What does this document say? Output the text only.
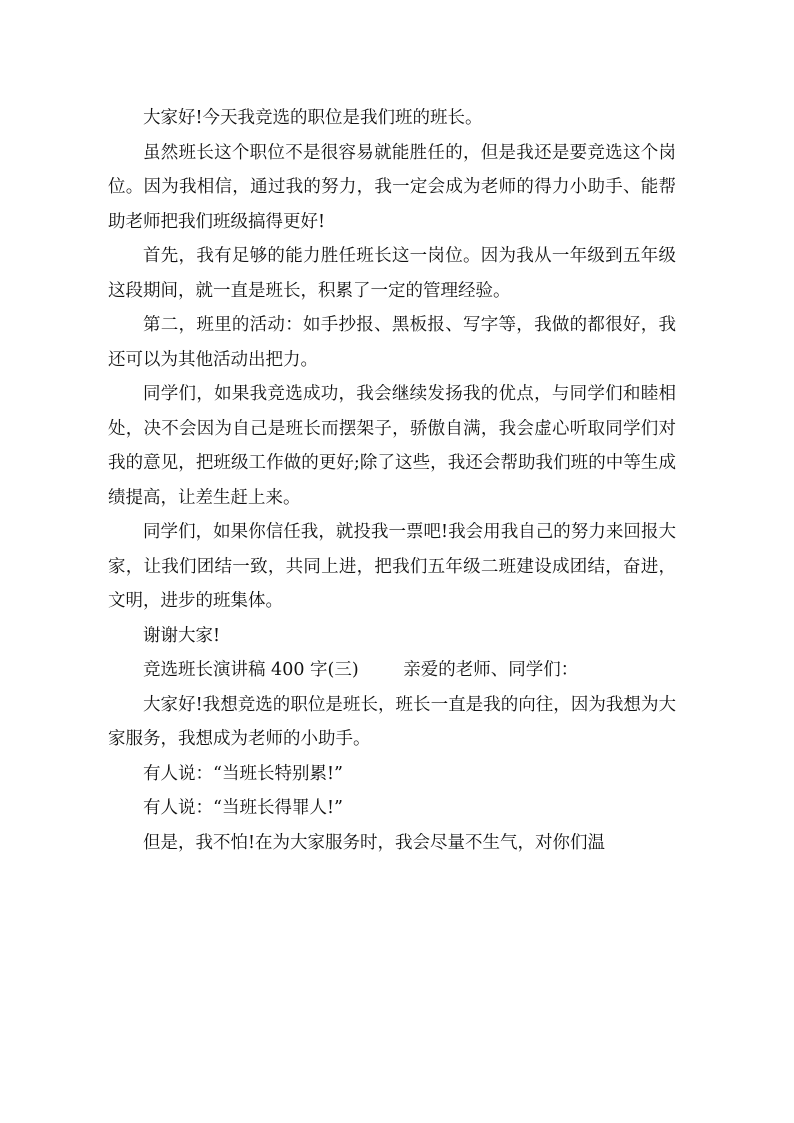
大家好!今天我竞选的职位是我们班的班长。

虽然班长这个职位不是很容易就能胜任的，但是我还是要竞选这个岗位。因为我相信，通过我的努力，我一定会成为老师的得力小助手、能帮助老师把我们班级搞得更好!

首先，我有足够的能力胜任班长这一岗位。因为我从一年级到五年级这段期间，就一直是班长，积累了一定的管理经验。

第二，班里的活动：如手抄报、黑板报、写字等，我做的都很好，我还可以为其他活动出把力。

同学们，如果我竞选成功，我会继续发扬我的优点，与同学们和睦相处，决不会因为自己是班长而摆架子，骄傲自满，我会虚心听取同学们对我的意见，把班级工作做的更好;除了这些，我还会帮助我们班的中等生成绩提高，让差生赶上来。

同学们，如果你信任我，就投我一票吧!我会用我自己的努力来回报大家，让我们团结一致，共同上进，把我们五年级二班建设成团结，奋进，文明，进步的班集体。

谢谢大家!

竞选班长演讲稿 400 字(三)	亲爱的老师、同学们：

大家好!我想竞选的职位是班长，班长一直是我的向往，因为我想为大家服务，我想成为老师的小助手。

有人说：“当班长特别累!”

有人说：“当班长得罪人!”

但是，我不怕!在为大家服务时，我会尽量不生气，对你们温
